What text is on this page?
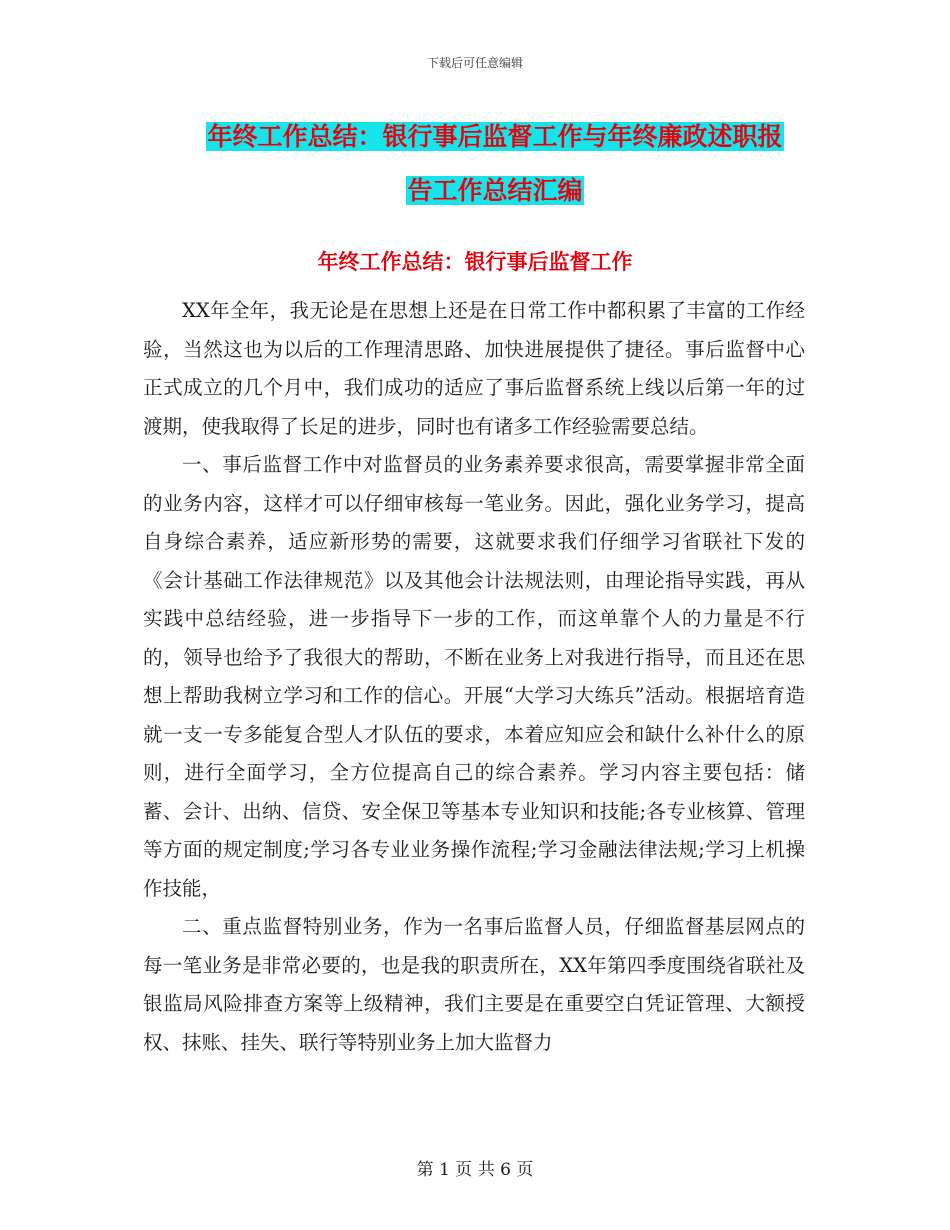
下载后可任意编辑
年终工作总结：银行事后监督工作与年终廉政述职报
告工作总结汇编
年终工作总结：银行事后监督工作

XX年全年，我无论是在思想上还是在日常工作中都积累了丰富的工作经验，当然这也为以后的工作理清思路、加快进展提供了捷径。事后监督中心正式成立的几个月中，我们成功的适应了事后监督系统上线以后第一年的过渡期，使我取得了长足的进步，同时也有诸多工作经验需要总结。

一、事后监督工作中对监督员的业务素养要求很高，需要掌握非常全面的业务内容，这样才可以仔细审核每一笔业务。因此，强化业务学习，提高自身综合素养，适应新形势的需要，这就要求我们仔细学习省联社下发的《会计基础工作法律规范》以及其他会计法规法则，由理论指导实践，再从实践中总结经验，进一步指导下一步的工作，而这单靠个人的力量是不行的，领导也给予了我很大的帮助，不断在业务上对我进行指导，而且还在思想上帮助我树立学习和工作的信心。开展“大学习大练兵”活动。根据培育造就一支一专多能复合型人才队伍的要求，本着应知应会和缺什么补什么的原则，进行全面学习，全方位提高自己的综合素养。学习内容主要包括：储蓄、会计、出纳、信贷、安全保卫等基本专业知识和技能;各专业核算、管理等方面的规定制度;学习各专业业务操作流程;学习金融法律法规;学习上机操作技能，

二、重点监督特别业务，作为一名事后监督人员，仔细监督基层网点的每一笔业务是非常必要的，也是我的职责所在，XX年第四季度围绕省联社及银监局风险排查方案等上级精神，我们主要是在重要空白凭证管理、大额授权、抹账、挂失、联行等特别业务上加大监督力

第 1 页 共 6 页
